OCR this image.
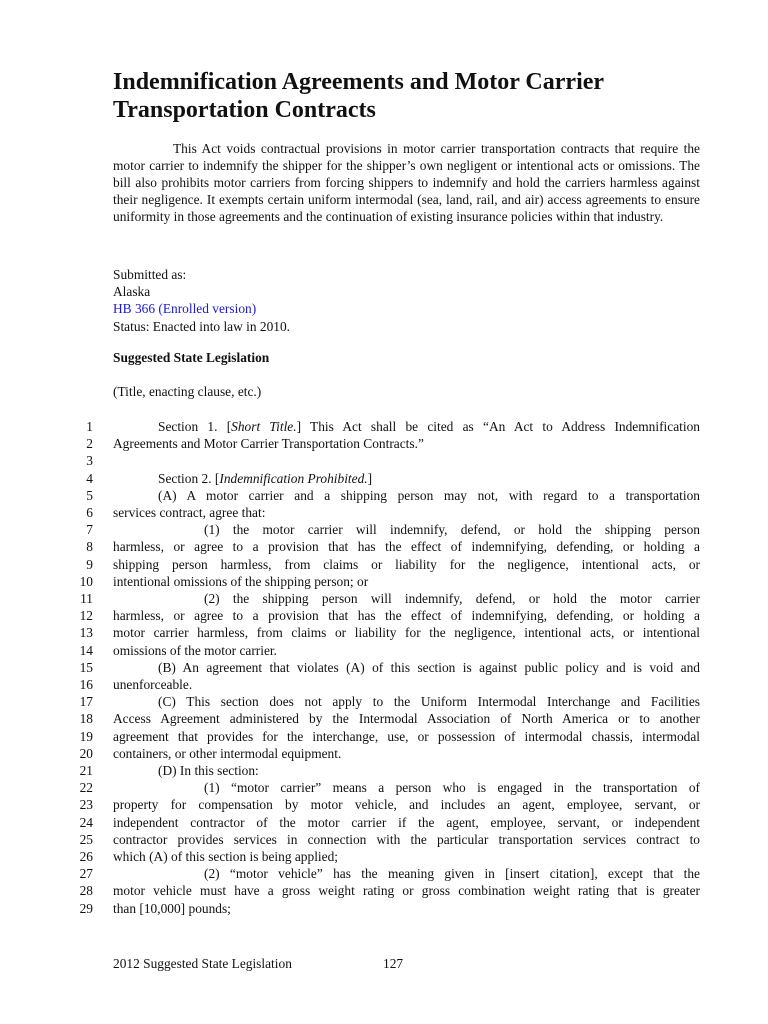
Indemnification Agreements and Motor Carrier
Transportation Contracts

This Act voids contractual provisions in motor carrier transportation contracts that require the motor carrier to indemnify the shipper for the shipper’s own negligent or intentional acts or omissions. The bill also prohibits motor carriers from forcing shippers to indemnify and hold the carriers harmless against their negligence. It exempts certain uniform intermodal (sea, land, rail, and air) access agreements to ensure uniformity in those agreements and the continuation of existing insurance policies within that industry.

Submitted as:
Alaska
HB 366 (Enrolled version)
Status: Enacted into law in 2010.
Suggested State Legislation
(Title, enacting clause, etc.)
1	Section 1. [Short Title.] This Act shall be cited as “An Act to Address Indemnification
2 Agreements and Motor Carrier Transportation Contracts.”
3
4	Section 2. [Indemnification Prohibited.]
5	(A) A motor carrier and a shipping person may not, with regard to a transportation
6 services contract, agree that:
7	(1) the motor carrier will indemnify, defend, or hold the shipping person
8 harmless, or agree to a provision that has the effect of indemnifying, defending, or holding a
9 shipping person harmless, from claims or liability for the negligence, intentional acts, or
10 intentional omissions of the shipping person; or
11	(2) the shipping person will indemnify, defend, or hold the motor carrier
12 harmless, or agree to a provision that has the effect of indemnifying, defending, or holding a
13 motor carrier harmless, from claims or liability for the negligence, intentional acts, or intentional
14 omissions of the motor carrier.
15	(B) An agreement that violates (A) of this section is against public policy and is void and
16 unenforceable.
17	(C) This section does not apply to the Uniform Intermodal Interchange and Facilities
18 Access Agreement administered by the Intermodal Association of North America or to another
19 agreement that provides for the interchange, use, or possession of intermodal chassis, intermodal
20 containers, or other intermodal equipment.
21	(D) In this section:
22	(1) “motor carrier” means a person who is engaged in the transportation of
23 property for compensation by motor vehicle, and includes an agent, employee, servant, or
24 independent contractor of the motor carrier if the agent, employee, servant, or independent
25 contractor provides services in connection with the particular transportation services contract to
26 which (A) of this section is being applied;
27	(2) “motor vehicle” has the meaning given in [insert citation], except that the
28 motor vehicle must have a gross weight rating or gross combination weight rating that is greater
29 than [10,000] pounds;
2012 Suggested State Legislation	127
